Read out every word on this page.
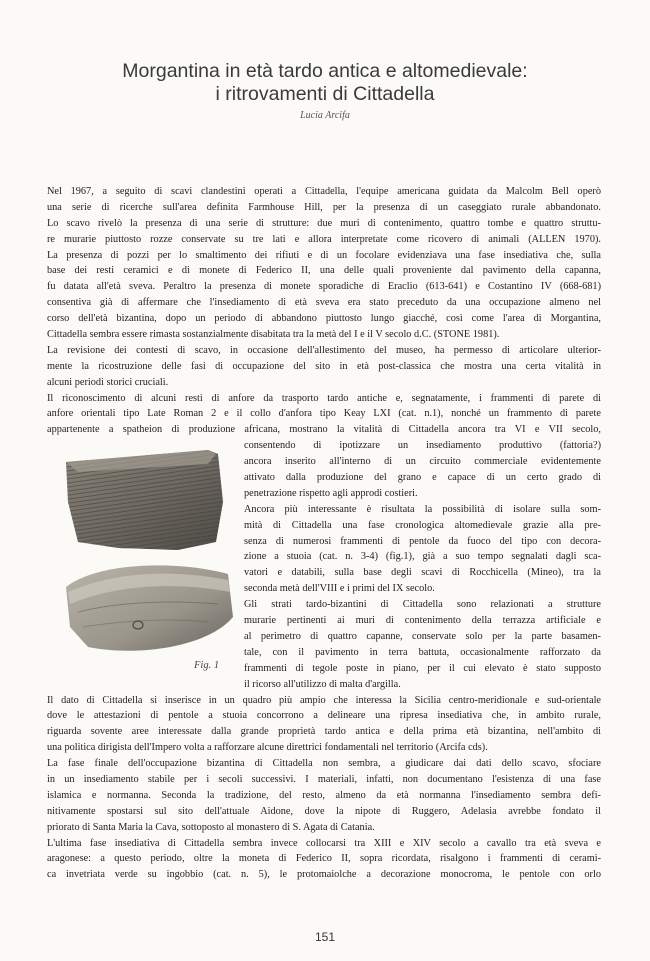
Morgantina in età tardo antica e altomedievale:
i ritrovamenti di Cittadella
Lucia Arcifa
Nel 1967, a seguito di scavi clandestini operati a Cittadella, l'equipe americana guidata da Malcolm Bell operò
una serie di ricerche sull'area definita Farmhouse Hill, per la presenza di un caseggiato rurale abbandonato.
Lo scavo rivelò la presenza di una serie di strutture: due muri di contenimento, quattro tombe e quattro struttu-
re murarie piuttosto rozze conservate su tre lati e allora interpretate come ricovero di animali (ALLEN 1970).
La presenza di pozzi per lo smaltimento dei rifiuti e di un focolare evidenziava una fase insediativa che, sulla
base dei resti ceramici e di monete di Federico II, una delle quali proveniente dal pavimento della capanna,
fu datata all'età sveva. Peraltro la presenza di monete sporadiche di Eraclio (613-641) e Costantino IV (668-681)
consentiva già di affermare che l'insediamento di età sveva era stato preceduto da una occupazione almeno nel
corso dell'età bizantina, dopo un periodo di abbandono piuttosto lungo giacché, così come l'area di Morgantina,
Cittadella sembra essere rimasta sostanzialmente disabitata tra la metà del I e il V secolo d.C. (STONE 1981).
La revisione dei contesti di scavo, in occasione dell'allestimento del museo, ha permesso di articolare ulterior-
mente la ricostruzione delle fasi di occupazione del sito in età post-classica che mostra una certa vitalità in
alcuni periodi storici cruciali.
Il riconoscimento di alcuni resti di anfore da trasporto tardo antiche e, segnatamente, i frammenti di parete di
anfore orientali tipo Late Roman 2 e il collo d'anfora tipo Keay LXI (cat. n.1), nonché un frammento di parete
appartenente a spatheion di produzione africana, mostrano la vitalità di Cittadella ancora tra VI e VII secolo,
consentendo di ipotizzare un insediamento produttivo (fattoria?)
ancora inserito all'interno di un circuito commerciale evidentemente
attivato dalla produzione del grano e capace di un certo grado di
penetrazione rispetto agli approdi costieri.
Ancora più interessante è risultata la possibilità di isolare sulla som-
mità di Cittadella una fase cronologica altomedievale grazie alla pre-
senza di numerosi frammenti di pentole da fuoco del tipo con decora-
zione a stuoia (cat. n. 3-4) (fig.1), già a suo tempo segnalati dagli sca-
vatori e databili, sulla base degli scavi di Rocchicella (Mineo), tra la
seconda metà dell'VIII e i primi del IX secolo.
Gli strati tardo-bizantini di Cittadella sono relazionati a strutture
murarie pertinenti ai muri di contenimento della terrazza artificiale e
al perimetro di quattro capanne, conservate solo per la parte basamen-
tale, con il pavimento in terra battuta, occasionalmente rafforzato da
frammenti di tegole poste in piano, per il cui elevato è stato supposto
il ricorso all'utilizzo di malta d'argilla.
Il dato di Cittadella si inserisce in un quadro più ampio che interessa la Sicilia centro-meridionale e sud-orientale
dove le attestazioni di pentole a stuoia concorrono a delineare una ripresa insediativa che, in ambito rurale,
riguarda sovente aree interessate dalla grande proprietà tardo antica e della prima età bizantina, nell'ambito di
una politica dirigista dell'Impero volta a rafforzare alcune direttrici fondamentali nel territorio (Arcifa cds).
La fase finale dell'occupazione bizantina di Cittadella non sembra, a giudicare dai dati dello scavo, sfociare
in un insediamento stabile per i secoli successivi. I materiali, infatti, non documentano l'esistenza di una fase
islamica e normanna. Seconda la tradizione, del resto, almeno da età normanna l'insediamento sembra defi-
nitivamente spostarsi sul sito dell'attuale Aidone, dove la nipote di Ruggero, Adelasia avrebbe fondato il
priorato di Santa Maria la Cava, sottoposto al monastero di S. Agata di Catania.
L'ultima fase insediativa di Cittadella sembra invece collocarsi tra XIII e XIV secolo a cavallo tra età sveva e
aragonese: a questo periodo, oltre la moneta di Federico II, sopra ricordata, risalgono i frammenti di cerami-
ca invetriata verde su ingobbio (cat. n. 5), le protomaiolche a decorazione monocroma, le pentole con orlo
Fig. 1
151
